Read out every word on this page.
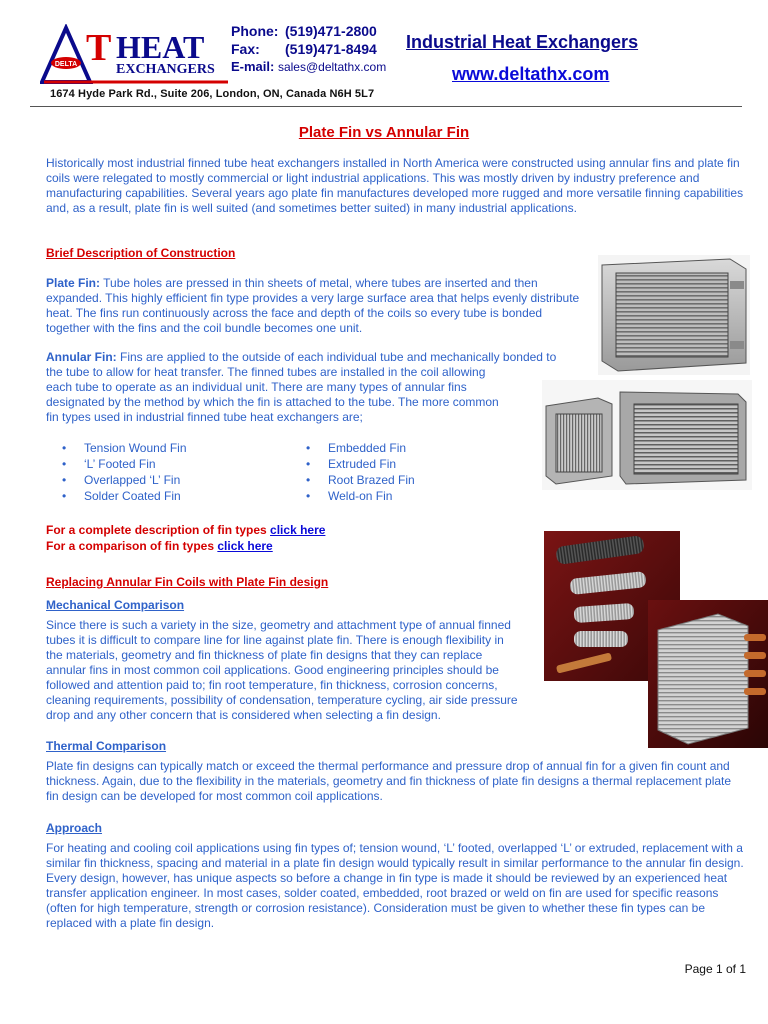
DELTA T HEAT
EXCHANGERS
Phone: (519)471-2800
Fax: (519)471-8494
E-mail: sales@deltathx.com
Industrial Heat Exchangers
www.deltathx.com
1674 Hyde Park Rd., Suite 206, London, ON, Canada N6H 5L7
Plate Fin vs Annular Fin
Historically most industrial finned tube heat exchangers installed in North America were constructed using annular fins and plate fin coils were relegated to mostly commercial or light industrial applications. This was mostly driven by industry preference and manufacturing capabilities. Several years ago plate fin manufactures developed more rugged and more versatile finning capabilities and, as a result, plate fin is well suited (and sometimes better suited) in many industrial applications.
Brief Description of Construction
Plate Fin: Tube holes are pressed in thin sheets of metal, where tubes are inserted and then expanded. This highly efficient fin type provides a very large surface area that helps evenly distribute heat. The fins run continuously across the face and depth of the coils so every tube is bonded together with the fins and the coil bundle becomes one unit.
Annular Fin: Fins are applied to the outside of each individual tube and mechanically bonded to
the tube to allow for heat transfer. The finned tubes are installed in the coil allowing
each tube to operate as an individual unit. There are many types of annular fins
designated by the method by which the fin is attached to the tube. The more common
fin types used in industrial finned tube heat exchangers are;
• Tension Wound Fin
• ‘L’ Footed Fin
• Overlapped ‘L’ Fin
• Solder Coated Fin
• Embedded Fin
• Extruded Fin
• Root Brazed Fin
• Weld-on Fin
For a complete description of fin types click here
For a comparison of fin types click here
Replacing Annular Fin Coils with Plate Fin design
Mechanical Comparison
Since there is such a variety in the size, geometry and attachment type of annual finned
tubes it is difficult to compare line for line against plate fin. There is enough flexibility in
the materials, geometry and fin thickness of plate fin designs that they can replace
annular fins in most common coil applications. Good engineering principles should be
followed and attention paid to; fin root temperature, fin thickness, corrosion concerns,
cleaning requirements, possibility of condensation, temperature cycling, air side pressure
drop and any other concern that is considered when selecting a fin design.
Thermal Comparison
Plate fin designs can typically match or exceed the thermal performance and pressure drop of annual fin for a given fin count and thickness. Again, due to the flexibility in the materials, geometry and fin thickness of plate fin designs a thermal replacement plate fin design can be developed for most common coil applications.
Approach
For heating and cooling coil applications using fin types of; tension wound, ‘L’ footed, overlapped ‘L’ or extruded, replacement with a similar fin thickness, spacing and material in a plate fin design would typically result in similar performance to the annular fin design. Every design, however, has unique aspects so before a change in fin type is made it should be reviewed by an experienced heat transfer application engineer. In most cases, solder coated, embedded, root brazed or weld on fin are used for specific reasons (often for high temperature, strength or corrosion resistance). Consideration must be given to whether these fin types can be replaced with a plate fin design.
Page 1 of 1
